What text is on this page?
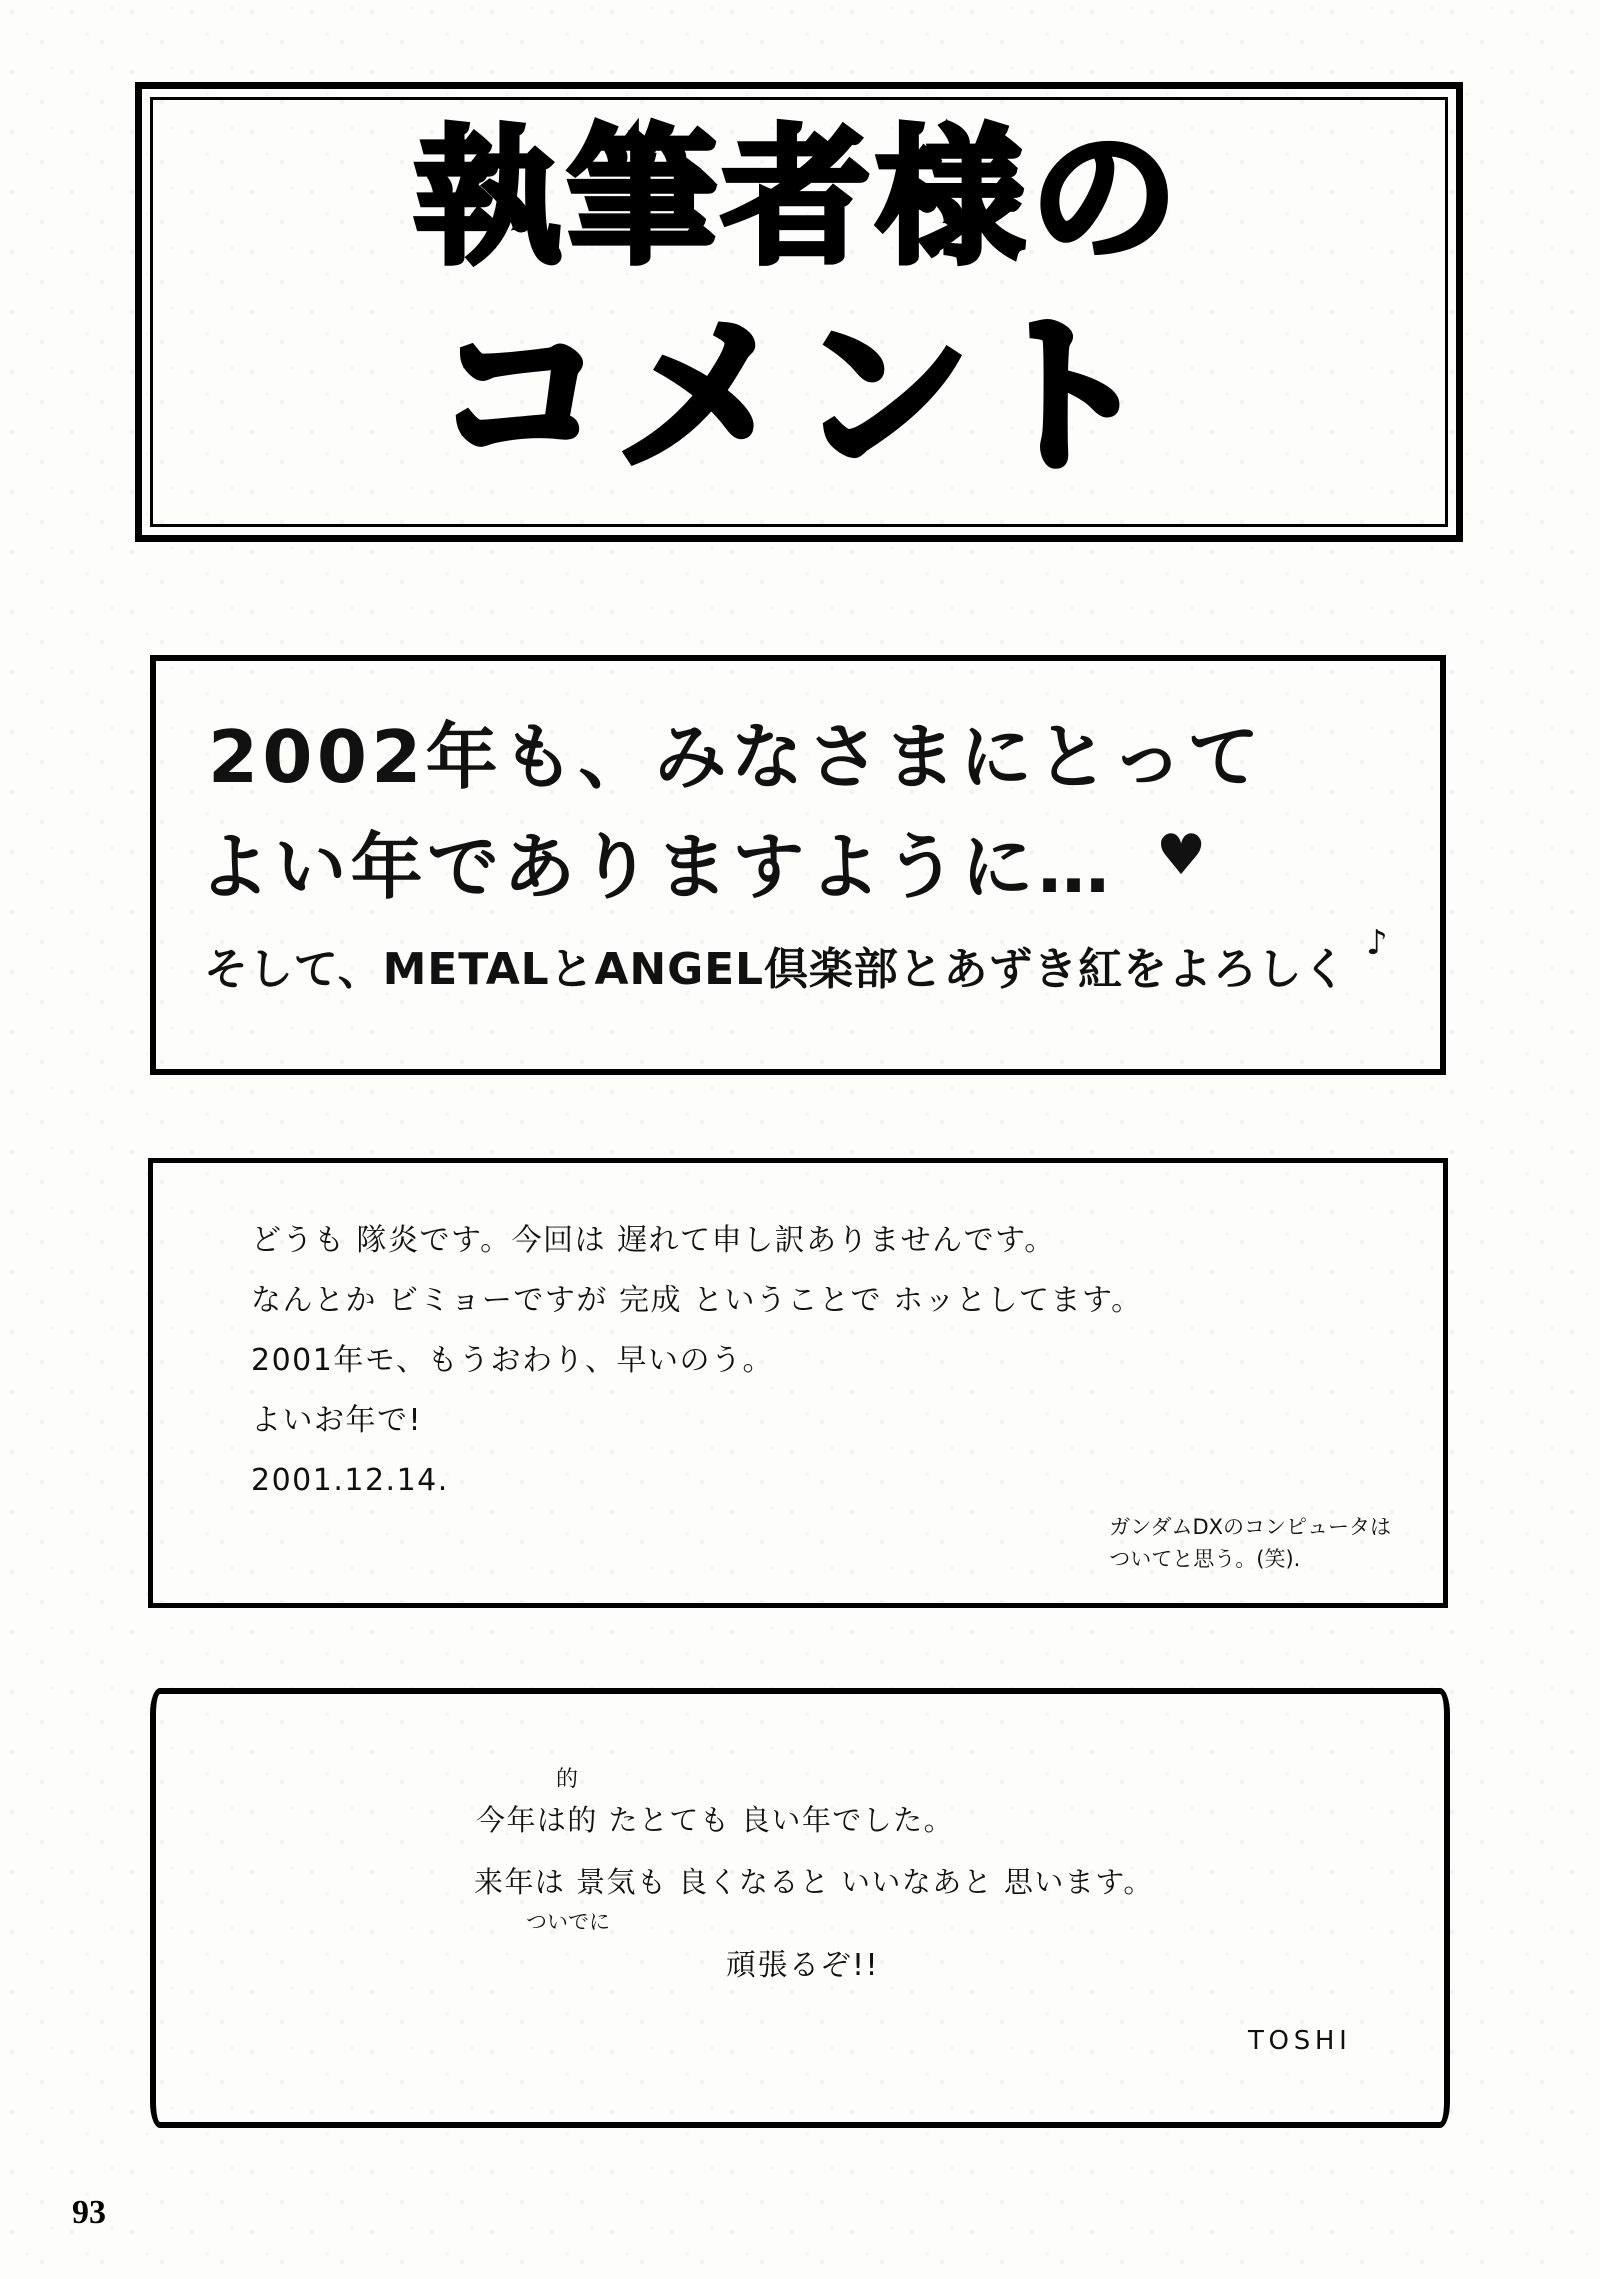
執筆者様の
コメント
2002年も、みなさまにとって
よい年でありますように… ♥
そして、METALとANGEL倶楽部とあずき紅をよろしく
♪
どうも 隊炎です。今回は 遅れて申し訳ありませんです。
なんとか ビミョーですが 完成 ということで ホッとしてます。
2001年モ、もうおわり、早いのう。
よいお年で!
2001.12.14.
ガンダムDXのコンピュータは
ついてと思う。(笑).
的
今年は的 たとても 良い年でした。
来年は 景気も 良くなると いいなあと 思います。
ついでに
頑張るぞ!!
TOSHI
93
